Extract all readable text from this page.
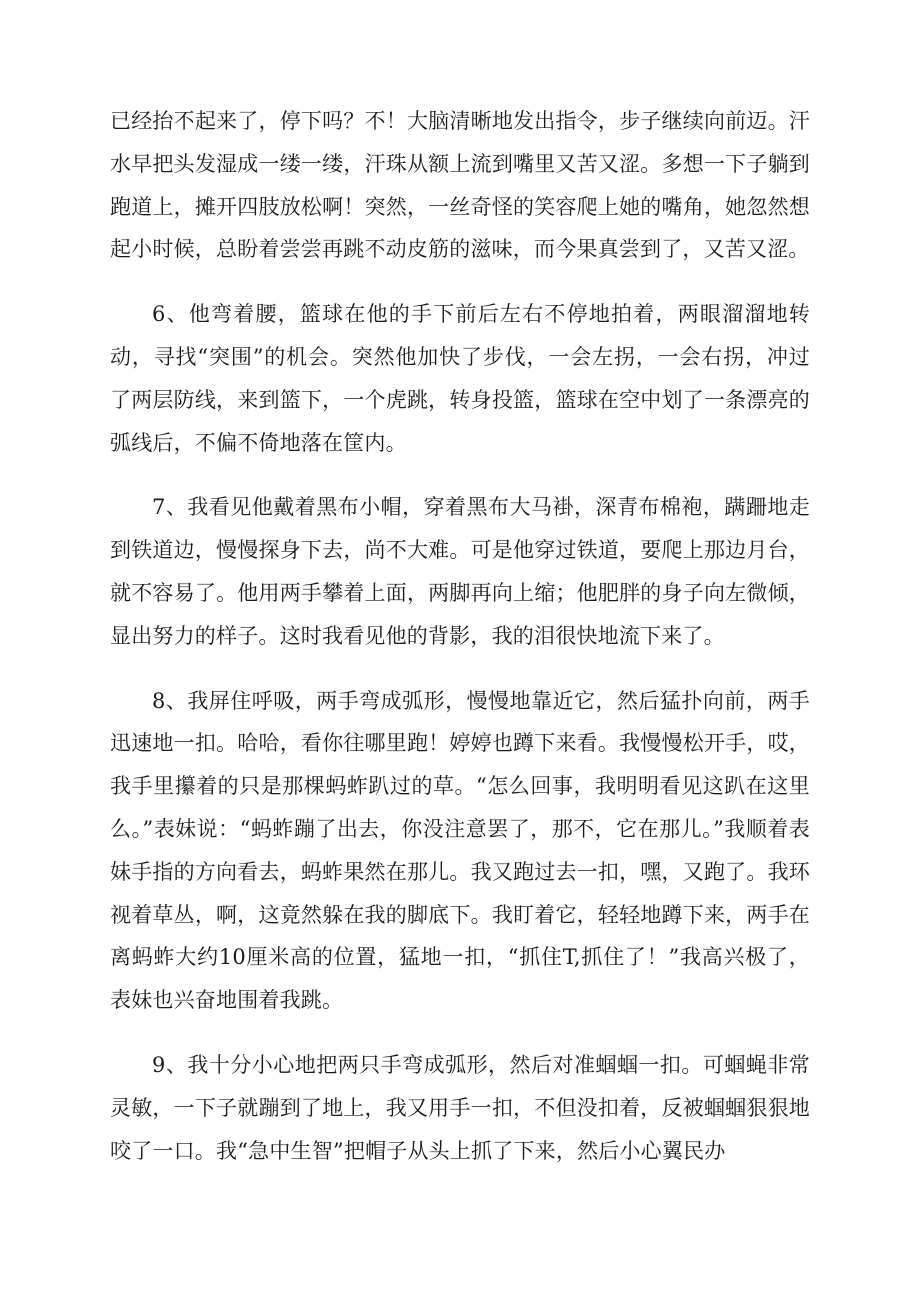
已经抬不起来了，停下吗？不！大脑清晰地发出指令，步子继续向前迈。汗水早把头发湿成一缕一缕，汗珠从额上流到嘴里又苦又涩。多想一下子躺到跑道上，摊开四肢放松啊！突然，一丝奇怪的笑容爬上她的嘴角，她忽然想起小时候，总盼着尝尝再跳不动皮筋的滋味，而今果真尝到了，又苦又涩。

6、他弯着腰，篮球在他的手下前后左右不停地拍着，两眼溜溜地转动，寻找“突围”的机会。突然他加快了步伐，一会左拐，一会右拐，冲过了两层防线，来到篮下，一个虎跳，转身投篮，篮球在空中划了一条漂亮的弧线后，不偏不倚地落在筐内。

7、我看见他戴着黑布小帽，穿着黑布大马褂，深青布棉袍，蹒跚地走到铁道边，慢慢探身下去，尚不大难。可是他穿过铁道，要爬上那边月台，就不容易了。他用两手攀着上面，两脚再向上缩；他肥胖的身子向左微倾，显出努力的样子。这时我看见他的背影，我的泪很快地流下来了。

8、我屏住呼吸，两手弯成弧形，慢慢地靠近它，然后猛扑向前，两手迅速地一扣。哈哈，看你往哪里跑！婷婷也蹲下来看。我慢慢松开手，哎，我手里攥着的只是那棵蚂蚱趴过的草。“怎么回事，我明明看见这趴在这里么。”表妹说：“蚂蚱蹦了出去，你没注意罢了，那不，它在那儿。”我顺着表妹手指的方向看去，蚂蚱果然在那儿。我又跑过去一扣，嘿，又跑了。我环视着草丛，啊，这竟然躲在我的脚底下。我盯着它，轻轻地蹲下来，两手在离蚂蚱大约10厘米高的位置，猛地一扣，“抓住T,抓住了！”我高兴极了，表妹也兴奋地围着我跳。

9、我十分小心地把两只手弯成弧形，然后对准蝈蝈一扣。可蝈蝇非常灵敏，一下子就蹦到了地上，我又用手一扣，不但没扣着，反被蝈蝈狠狠地咬了一口。我“急中生智”把帽子从头上抓了下来，然后小心翼民办
